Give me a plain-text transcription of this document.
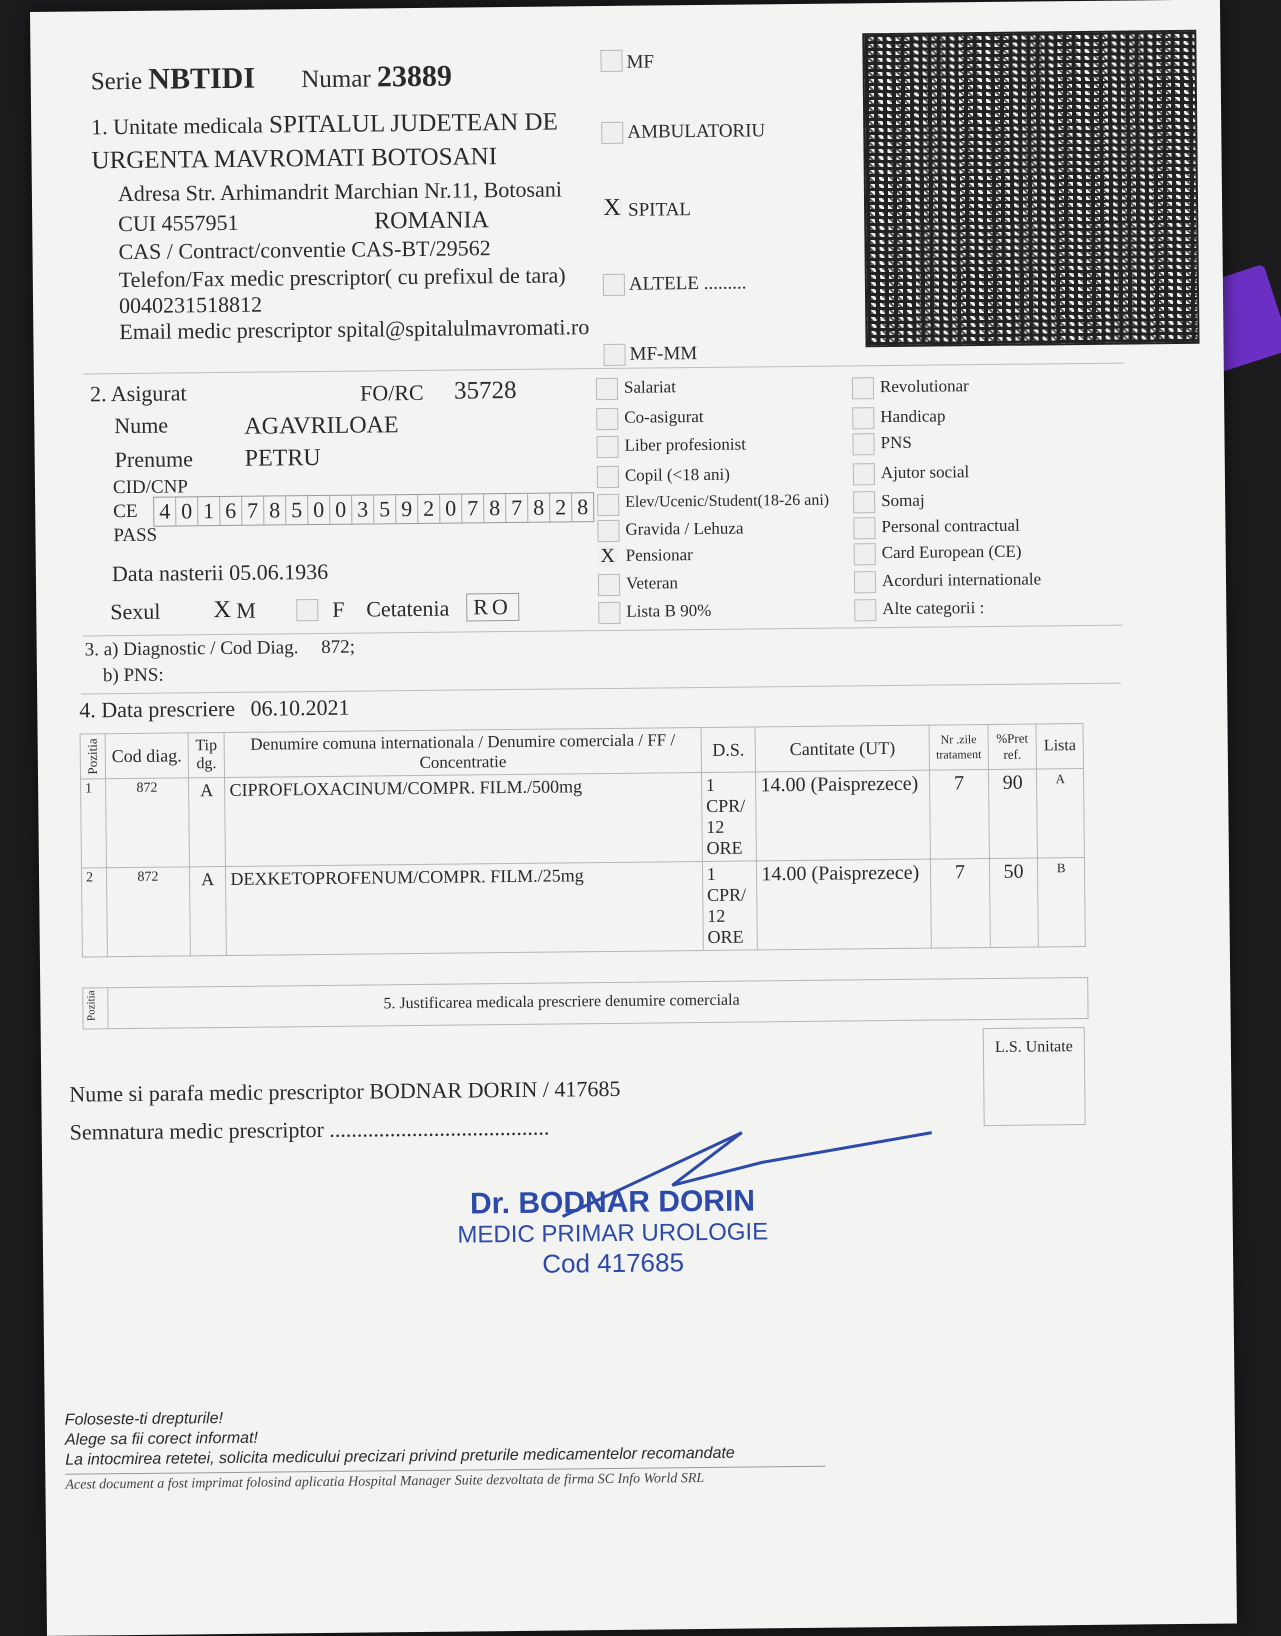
Serie NBTIDI Numar 23889
1. Unitate medicala SPITALUL JUDETEAN DE
URGENTA MAVROMATI BOTOSANI
Adresa Str. Arhimandrit Marchian Nr.11, Botosani
CUI 4557951	ROMANIA
CAS / Contract/conventie CAS-BT/29562
Telefon/Fax medic prescriptor( cu prefixul de tara)
0040231518812
Email medic prescriptor spital@spitalulmavromati.ro
MF
AMBULATORIU
X SPITAL
ALTELE .........
MF-MM
2. Asigurat	FO/RC 35728
Nume	AGAVRILOAE
Prenume PETRU
CID/CNP
CE
PASS
4 0 1 6 7 8 5 0 0 3 5 9 2 0 7 8 7 8 2 8
Data nasterii 05.06.1936
Sexul X M	F Cetatenia	RO
Salariat
Co-asigurat
Liber profesionist
Copil (<18 ani)
Elev/Ucenic/Student(18-26 ani)
Gravida / Lehuza
X Pensionar
Veteran
Lista B 90%
Revolutionar
Handicap
PNS
Ajutor social
Somaj
Personal contractual
Card European (CE)
Acorduri internationale
Alte categorii :
3. a) Diagnostic / Cod Diag. 872;
b) PNS:
4. Data prescriere 06.10.2021
Pozitia	Cod diag.	Tip dg.	Denumire comuna internationala / Denumire comerciala / FF / Concentratie	D.S.	Cantitate (UT)	Nr .zile tratament	%Pret ref.	Lista
1	872	A	CIPROFLOXACINUM/COMPR. FILM./500mg	1 CPR/ 12 ORE	14.00 (Paisprezece)	7	90	A
2	872	A	DEXKETOPROFENUM/COMPR. FILM./25mg	1 CPR/ 12 ORE	14.00 (Paisprezece)	7	50	B
Pozitia	5. Justificarea medicala prescriere denumire comerciala
L.S. Unitate
Nume si parafa medic prescriptor BODNAR DORIN / 417685
Semnatura medic prescriptor ........................................
Dr. BODNAR DORIN
MEDIC PRIMAR UROLOGIE
Cod 417685
Foloseste-ti drepturile!
Alege sa fii corect informat!
La intocmirea retetei, solicita medicului precizari privind preturile medicamentelor recomandate
Acest document a fost imprimat folosind aplicatia Hospital Manager Suite dezvoltata de firma SC Info World SRL
